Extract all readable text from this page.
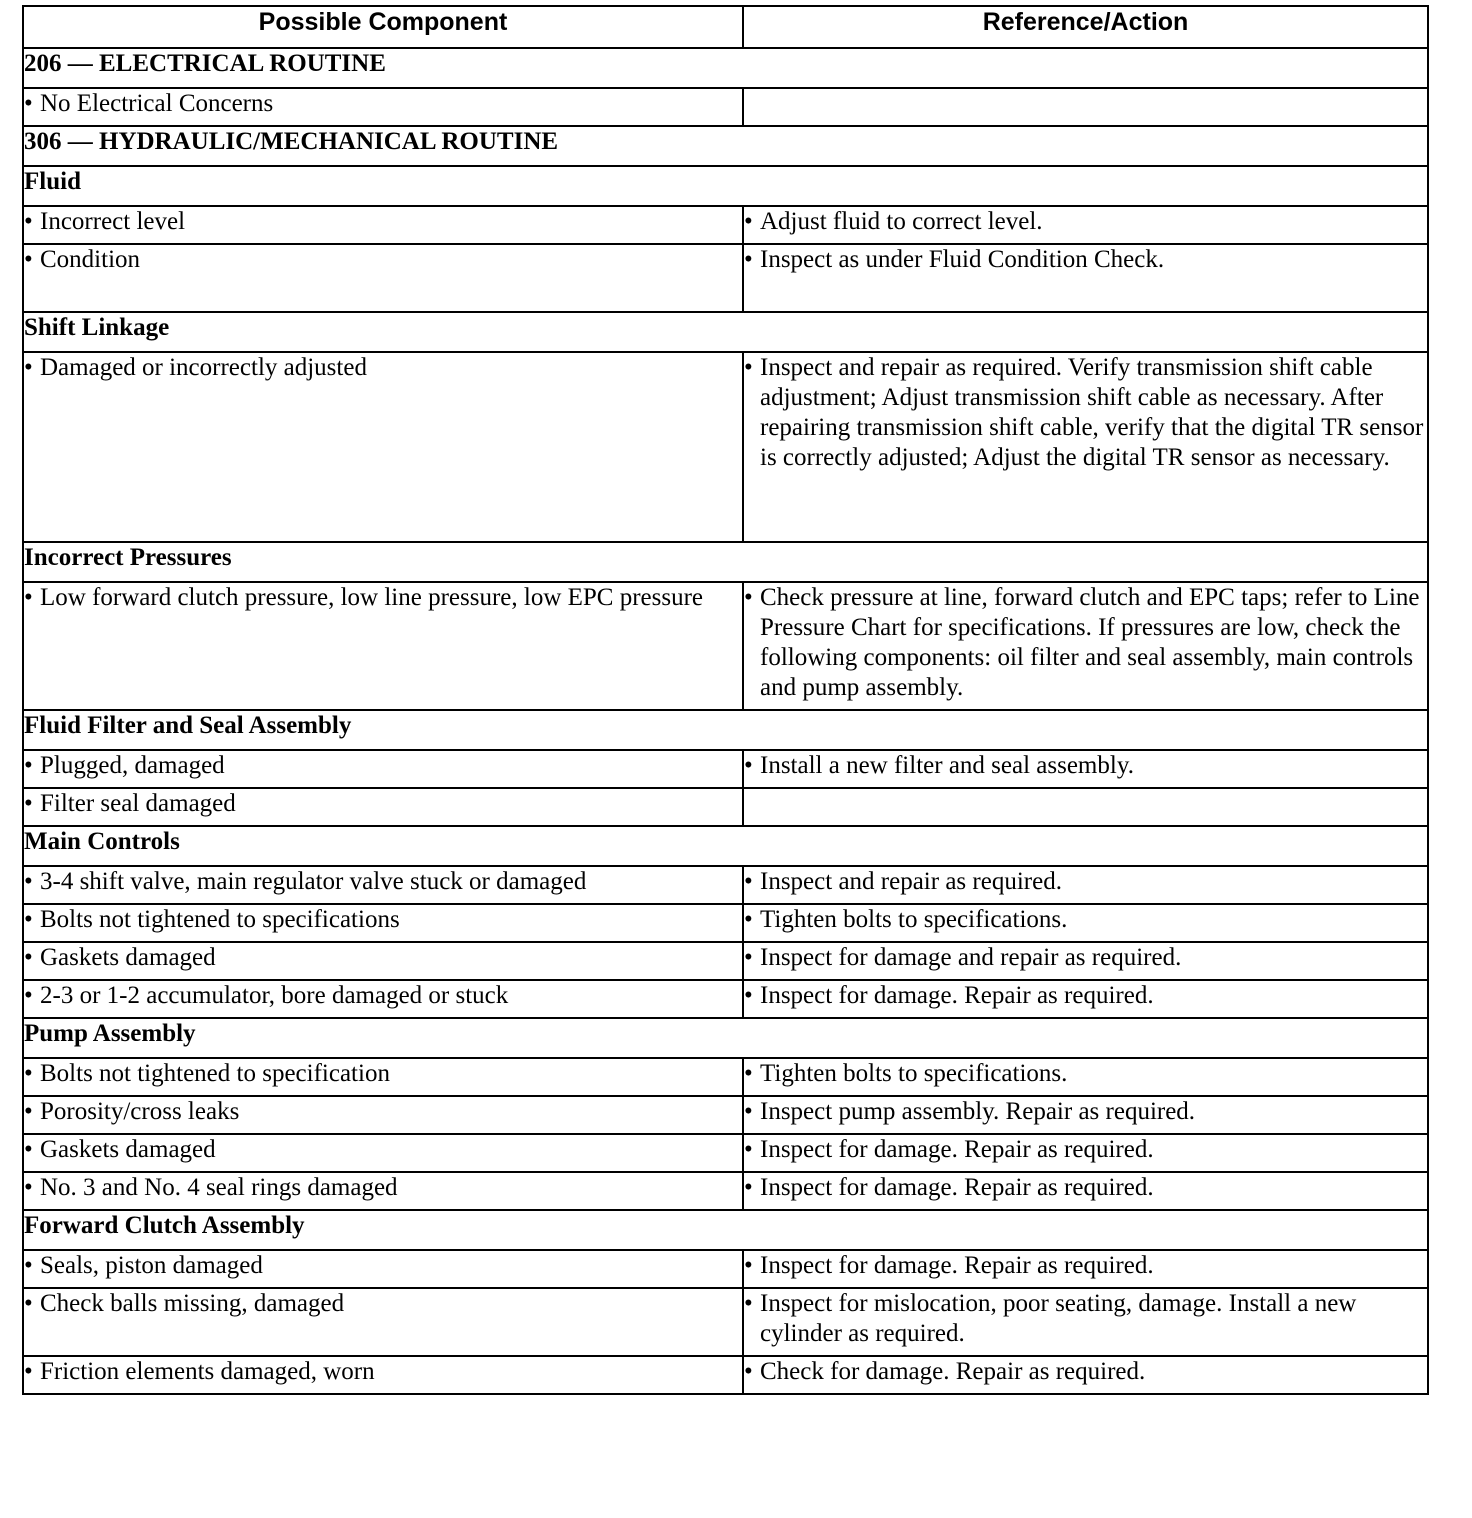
Possible Component	Reference/Action
206 — ELECTRICAL ROUTINE	

• No Electrical Concerns	

306 — HYDRAULIC/MECHANICAL ROUTINE	
Fluid	

• Incorrect level	• Adjust fluid to correct level.

• Condition	• Inspect as under Fluid Condition Check.

Shift Linkage	

• Damaged or incorrectly adjusted	• Inspect and repair as required. Verify transmission shift cable adjustment; Adjust transmission shift cable as necessary. After repairing transmission shift cable, verify that the digital TR sensor is correctly adjusted; Adjust the digital TR sensor as necessary.

Incorrect Pressures	

• Low forward clutch pressure, low line pressure, low EPC pressure	• Check pressure at line, forward clutch and EPC taps; refer to Line Pressure Chart for specifications. If pressures are low, check the following components: oil filter and seal assembly, main controls and pump assembly.

Fluid Filter and Seal Assembly	

• Plugged, damaged	• Install a new filter and seal assembly.

• Filter seal damaged	

Main Controls	

• 3-4 shift valve, main regulator valve stuck or damaged	• Inspect and repair as required.

• Bolts not tightened to specifications	• Tighten bolts to specifications.

• Gaskets damaged	• Inspect for damage and repair as required.

• 2-3 or 1-2 accumulator, bore damaged or stuck	• Inspect for damage. Repair as required.

Pump Assembly	

• Bolts not tightened to specification	• Tighten bolts to specifications.

• Porosity/cross leaks	• Inspect pump assembly. Repair as required.

• Gaskets damaged	• Inspect for damage. Repair as required.

• No. 3 and No. 4 seal rings damaged	• Inspect for damage. Repair as required.

Forward Clutch Assembly	

• Seals, piston damaged	• Inspect for damage. Repair as required.

• Check balls missing, damaged	• Inspect for mislocation, poor seating, damage. Install a new cylinder as required.

• Friction elements damaged, worn	• Check for damage. Repair as required.
